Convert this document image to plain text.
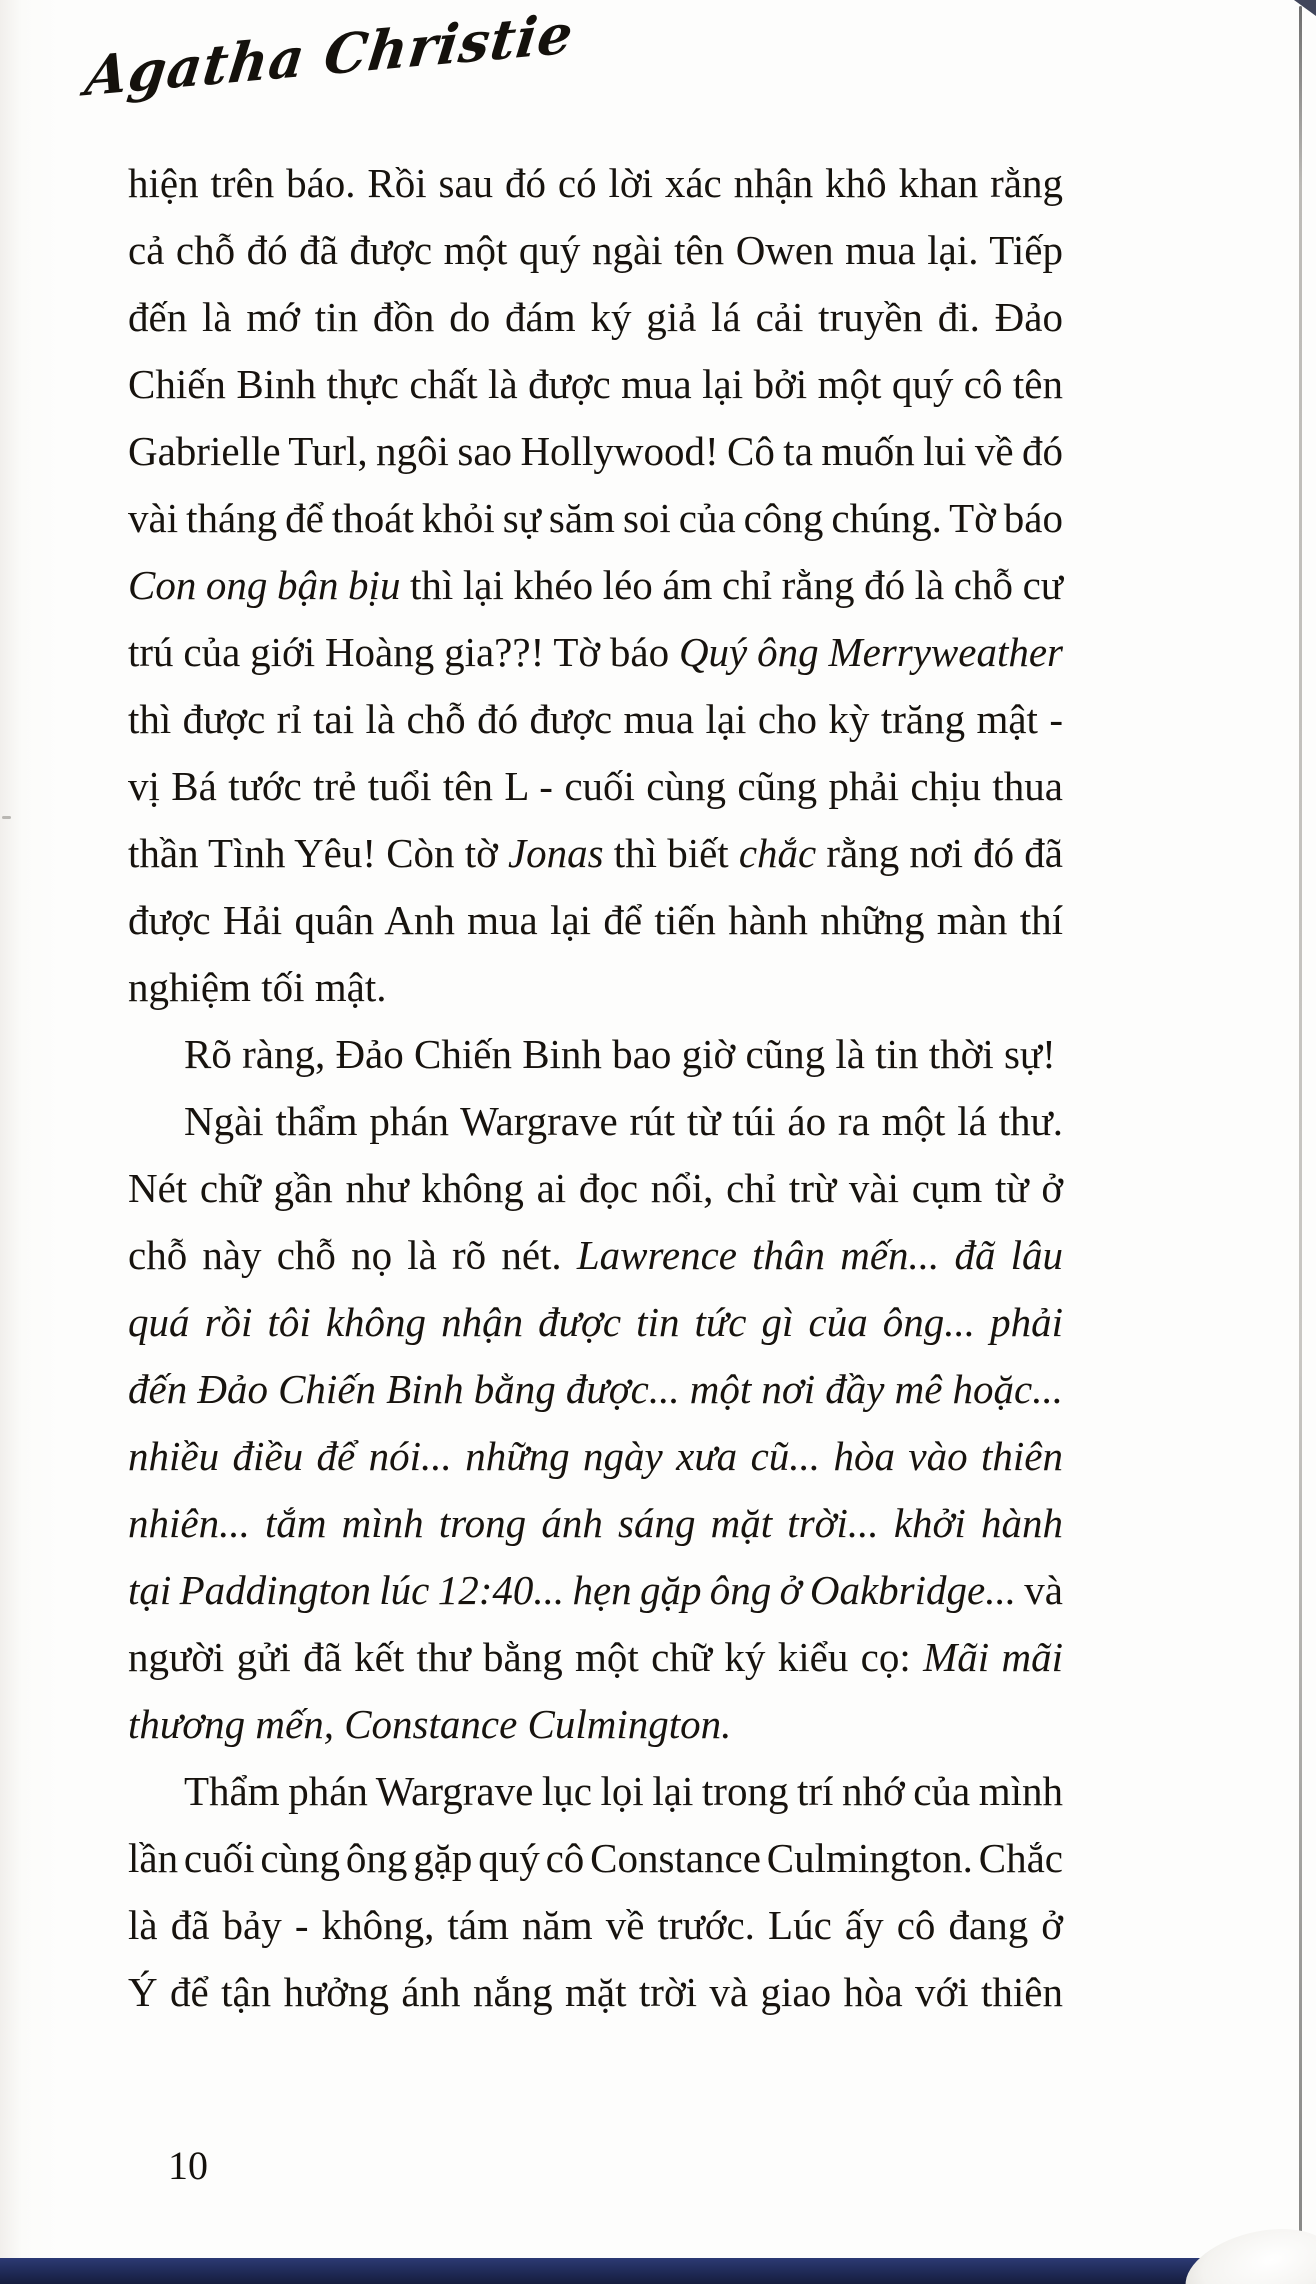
Agatha Christie
hiện trên báo. Rồi sau đó có lời xác nhận khô khan rằng
cả chỗ đó đã được một quý ngài tên Owen mua lại. Tiếp
đến là mớ tin đồn do đám ký giả lá cải truyền đi. Đảo
Chiến Binh thực chất là được mua lại bởi một quý cô tên
Gabrielle Turl, ngôi sao Hollywood! Cô ta muốn lui về đó
vài tháng để thoát khỏi sự săm soi của công chúng. Tờ báo
Con ong bận bịu thì lại khéo léo ám chỉ rằng đó là chỗ cư
trú của giới Hoàng gia??! Tờ báo Quý ông Merryweather
thì được rỉ tai là chỗ đó được mua lại cho kỳ trăng mật -
vị Bá tước trẻ tuổi tên L - cuối cùng cũng phải chịu thua
thần Tình Yêu! Còn tờ Jonas thì biết chắc rằng nơi đó đã
được Hải quân Anh mua lại để tiến hành những màn thí
nghiệm tối mật.
Rõ ràng, Đảo Chiến Binh bao giờ cũng là tin thời sự!
Ngài thẩm phán Wargrave rút từ túi áo ra một lá thư.
Nét chữ gần như không ai đọc nổi, chỉ trừ vài cụm từ ở
chỗ này chỗ nọ là rõ nét. Lawrence thân mến... đã lâu
quá rồi tôi không nhận được tin tức gì của ông... phải
đến Đảo Chiến Binh bằng được... một nơi đầy mê hoặc...
nhiều điều để nói... những ngày xưa cũ... hòa vào thiên
nhiên... tắm mình trong ánh sáng mặt trời... khởi hành
tại Paddington lúc 12:40... hẹn gặp ông ở Oakbridge... và
người gửi đã kết thư bằng một chữ ký kiểu cọ: Mãi mãi
thương mến, Constance Culmington.
Thẩm phán Wargrave lục lọi lại trong trí nhớ của mình
lần cuối cùng ông gặp quý cô Constance Culmington. Chắc
là đã bảy - không, tám năm về trước. Lúc ấy cô đang ở
Ý để tận hưởng ánh nắng mặt trời và giao hòa với thiên
10
